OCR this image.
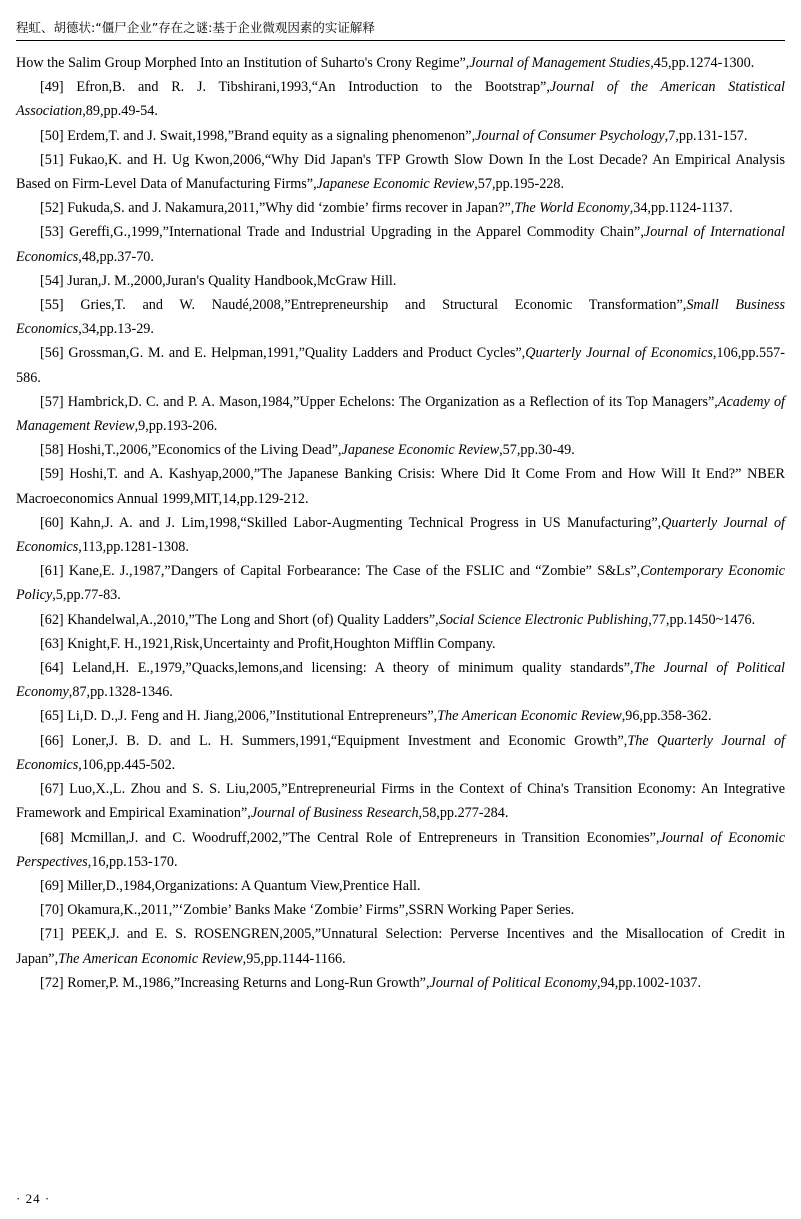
程虹、胡德状:“僵尸企业”存在之谜:基于企业微观因素的实证解释

How the Salim Group Morphed Into an Institution of Suharto's Crony Regime”,Journal of Management Studies,45,pp.1274-1300.

[49] Efron,B. and R. J. Tibshirani,1993,“An Introduction to the Bootstrap”,Journal of the American Statistical Association,89,pp.49-54.

[50] Erdem,T. and J. Swait,1998,”Brand equity as a signaling phenomenon”,Journal of Consumer Psychology,7,pp.131-157.

[51] Fukao,K. and H. Ug Kwon,2006,“Why Did Japan's TFP Growth Slow Down In the Lost Decade? An Empirical Analysis Based on Firm-Level Data of Manufacturing Firms”,Japanese Economic Review,57,pp.195-228.

[52] Fukuda,S. and J. Nakamura,2011,”Why did ‘zombie’ firms recover in Japan?”,The World Economy,34,pp.1124-1137.

[53] Gereffi,G.,1999,”International Trade and Industrial Upgrading in the Apparel Commodity Chain”,Journal of International Economics,48,pp.37-70.

[54] Juran,J. M.,2000,Juran's Quality Handbook,McGraw Hill.

[55] Gries,T. and W. Naudé,2008,”Entrepreneurship and Structural Economic Transformation”,Small Business Economics,34,pp.13-29.

[56] Grossman,G. M. and E. Helpman,1991,”Quality Ladders and Product Cycles”,Quarterly Journal of Economics,106,pp.557-586.

[57] Hambrick,D. C. and P. A. Mason,1984,”Upper Echelons: The Organization as a Reflection of its Top Managers”,Academy of Management Review,9,pp.193-206.

[58] Hoshi,T.,2006,”Economics of the Living Dead”,Japanese Economic Review,57,pp.30-49.

[59] Hoshi,T. and A. Kashyap,2000,”The Japanese Banking Crisis: Where Did It Come From and How Will It End?” NBER Macroeconomics Annual 1999,MIT,14,pp.129-212.

[60] Kahn,J. A. and J. Lim,1998,“Skilled Labor-Augmenting Technical Progress in US Manufacturing”,Quarterly Journal of Economics,113,pp.1281-1308.

[61] Kane,E. J.,1987,”Dangers of Capital Forbearance: The Case of the FSLIC and “Zombie” S&Ls”,Contemporary Economic Policy,5,pp.77-83.

[62] Khandelwal,A.,2010,”The Long and Short (of) Quality Ladders”,Social Science Electronic Publishing,77,pp.1450~1476.

[63] Knight,F. H.,1921,Risk,Uncertainty and Profit,Houghton Mifflin Company.

[64] Leland,H. E.,1979,”Quacks,lemons,and licensing: A theory of minimum quality standards”,The Journal of Political Economy,87,pp.1328-1346.

[65] Li,D. D.,J. Feng and H. Jiang,2006,”Institutional Entrepreneurs”,The American Economic Review,96,pp.358-362.

[66] Loner,J. B. D. and L. H. Summers,1991,“Equipment Investment and Economic Growth”,The Quarterly Journal of Economics,106,pp.445-502.

[67] Luo,X.,L. Zhou and S. S. Liu,2005,”Entrepreneurial Firms in the Context of China's Transition Economy: An Integrative Framework and Empirical Examination”,Journal of Business Research,58,pp.277-284.

[68] Mcmillan,J. and C. Woodruff,2002,”The Central Role of Entrepreneurs in Transition Economies”,Journal of Economic Perspectives,16,pp.153-170.

[69] Miller,D.,1984,Organizations: A Quantum View,Prentice Hall.

[70] Okamura,K.,2011,”‘Zombie’ Banks Make ‘Zombie’ Firms”,SSRN Working Paper Series.

[71] PEEK,J. and E. S. ROSENGREN,2005,”Unnatural Selection: Perverse Incentives and the Misallocation of Credit in Japan”,The American Economic Review,95,pp.1144-1166.

[72] Romer,P. M.,1986,”Increasing Returns and Long-Run Growth”,Journal of Political Economy,94,pp.1002-1037.

· 24 ·
